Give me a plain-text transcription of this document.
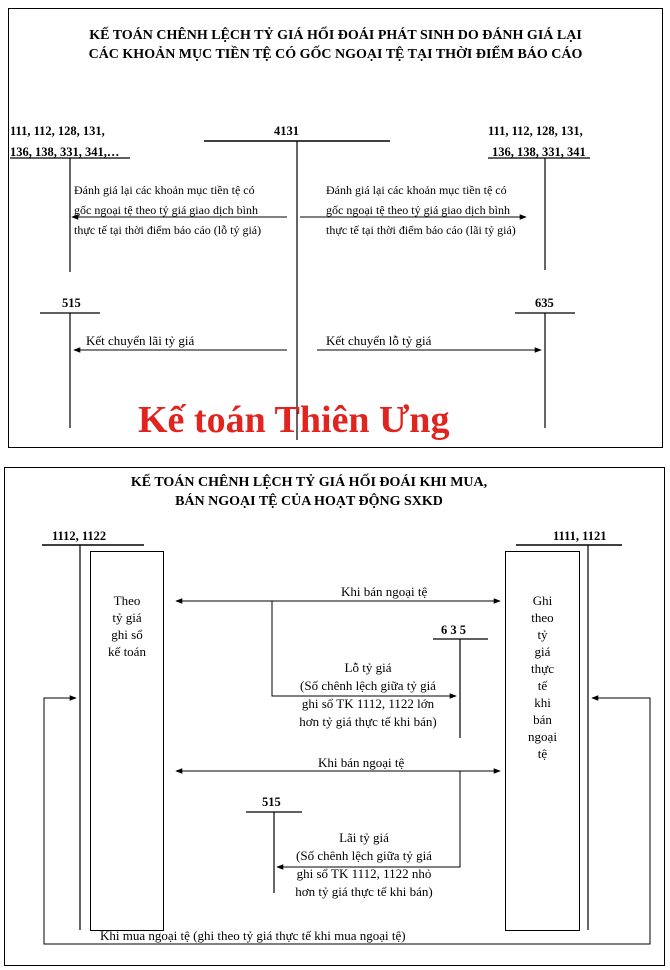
KẾ TOÁN CHÊNH LỆCH TỶ GIÁ HỐI ĐOÁI PHÁT SINH DO ĐÁNH GIÁ LẠI
CÁC KHOẢN MỤC TIỀN TỆ CÓ GỐC NGOẠI TỆ TẠI THỜI ĐIỂM BÁO CÁO
111, 112, 128, 131,
136, 138, 331, 341,…
4131	111, 112, 128, 131,
136, 138, 331, 341
Đánh giá lại các khoản mục tiền tệ có
gốc ngoại tệ theo tỷ giá giao dịch bình
thực tế tại thời điểm báo cáo (lỗ tỷ giá)
Đánh giá lại các khoản mục tiền tệ có
gốc ngoại tệ theo tỷ giá giao dịch bình
thực tế tại thời điểm báo cáo (lãi tỷ giá)
515	635
Kết chuyển lãi tỷ giá	Kết chuyển lỗ tỷ giá
Kế toán Thiên Ưng
KẾ TOÁN CHÊNH LỆCH TỶ GIÁ HỐI ĐOÁI KHI MUA,
BÁN NGOẠI TỆ CỦA HOẠT ĐỘNG SXKD
1112, 1122	1111, 1121
Theo
tỷ giá
ghi sổ
kế toán
Ghi
theo
tỷ
giá
thực
tế
khi
bán
ngoại
tệ
Khi bán ngoại tệ
6 3 5
Lỗ tỷ giá
(Số chênh lệch giữa tỷ giá
ghi sổ TK 1112, 1122 lớn
hơn tỷ giá thực tế khi bán)
Khi bán ngoại tệ
515
Lãi tỷ giá
(Số chênh lệch giữa tỷ giá
ghi sổ TK 1112, 1122 nhỏ
hơn tỷ giá thực tế khi bán)
Khi mua ngoại tệ (ghi theo tỷ giá thực tế khi mua ngoại tệ)
